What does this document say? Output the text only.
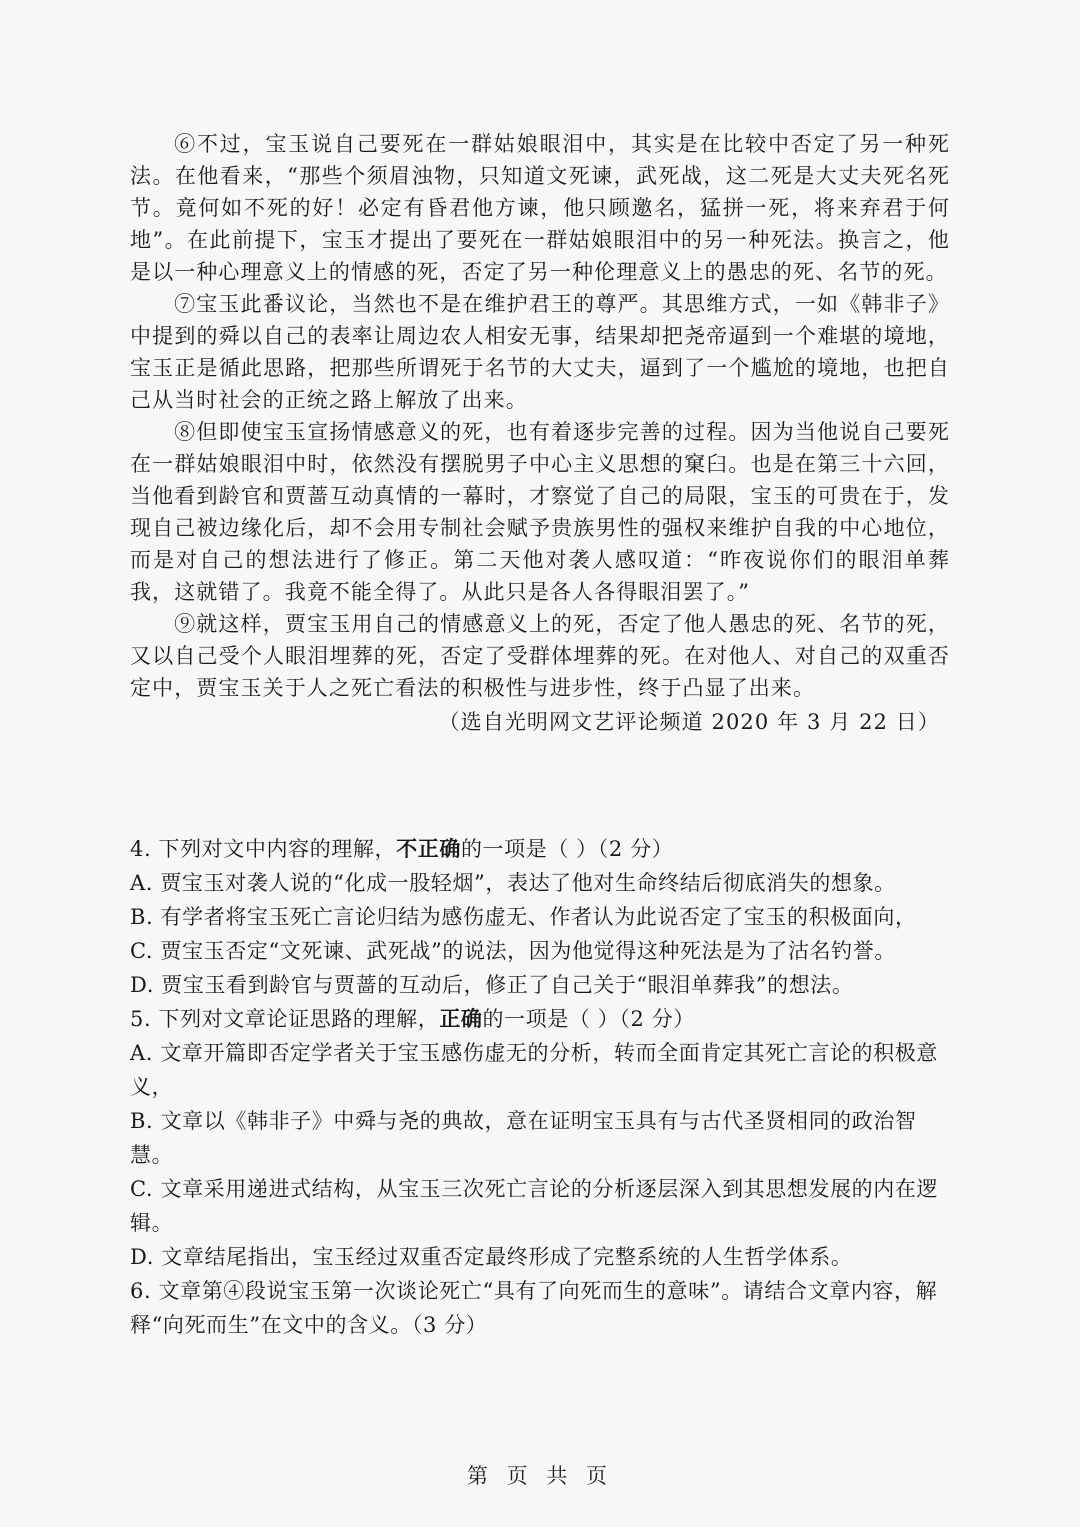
⑥不过，宝玉说自己要死在一群姑娘眼泪中，其实是在比较中否定了另一种死法。在他看来，“那些个须眉浊物，只知道文死谏，武死战，这二死是大丈夫死名死节。竟何如不死的好！必定有昏君他方谏，他只顾邀名，猛拼一死，将来弃君于何地”。在此前提下，宝玉才提出了要死在一群姑娘眼泪中的另一种死法。换言之，他是以一种心理意义上的情感的死，否定了另一种伦理意义上的愚忠的死、名节的死。

⑦宝玉此番议论，当然也不是在维护君王的尊严。其思维方式，一如《韩非子》中提到的舜以自己的表率让周边农人相安无事，结果却把尧帝逼到一个难堪的境地，宝玉正是循此思路，把那些所谓死于名节的大丈夫，逼到了一个尴尬的境地，也把自己从当时社会的正统之路上解放了出来。

⑧但即使宝玉宣扬情感意义的死，也有着逐步完善的过程。因为当他说自己要死在一群姑娘眼泪中时，依然没有摆脱男子中心主义思想的窠臼。也是在第三十六回，当他看到龄官和贾蔷互动真情的一幕时，才察觉了自己的局限，宝玉的可贵在于，发现自己被边缘化后，却不会用专制社会赋予贵族男性的强权来维护自我的中心地位，而是对自己的想法进行了修正。第二天他对袭人感叹道：“昨夜说你们的眼泪单葬我，这就错了。我竟不能全得了。从此只是各人各得眼泪罢了。”

⑨就这样，贾宝玉用自己的情感意义上的死，否定了他人愚忠的死、名节的死，又以自己受个人眼泪埋葬的死，否定了受群体埋葬的死。在对他人、对自己的双重否定中，贾宝玉关于人之死亡看法的积极性与进步性，终于凸显了出来。

（选自光明网文艺评论频道 2020 年 3 月 22 日）

4. 下列对文中内容的理解，不正确的一项是（ ）（2 分）

A. 贾宝玉对袭人说的“化成一股轻烟”，表达了他对生命终结后彻底消失的想象。

B. 有学者将宝玉死亡言论归结为感伤虚无、作者认为此说否定了宝玉的积极面向，

C. 贾宝玉否定“文死谏、武死战”的说法，因为他觉得这种死法是为了沽名钓誉。

D. 贾宝玉看到龄官与贾蔷的互动后，修正了自己关于“眼泪单葬我”的想法。

5. 下列对文章论证思路的理解，正确的一项是（ ）（2 分）

A. 文章开篇即否定学者关于宝玉感伤虚无的分析，转而全面肯定其死亡言论的积极意义，

B. 文章以《韩非子》中舜与尧的典故，意在证明宝玉具有与古代圣贤相同的政治智慧。

C. 文章采用递进式结构，从宝玉三次死亡言论的分析逐层深入到其思想发展的内在逻辑。

D. 文章结尾指出，宝玉经过双重否定最终形成了完整系统的人生哲学体系。

6. 文章第④段说宝玉第一次谈论死亡“具有了向死而生的意味”。请结合文章内容，解释“向死而生”在文中的含义。（3 分）

第 页 共 页
